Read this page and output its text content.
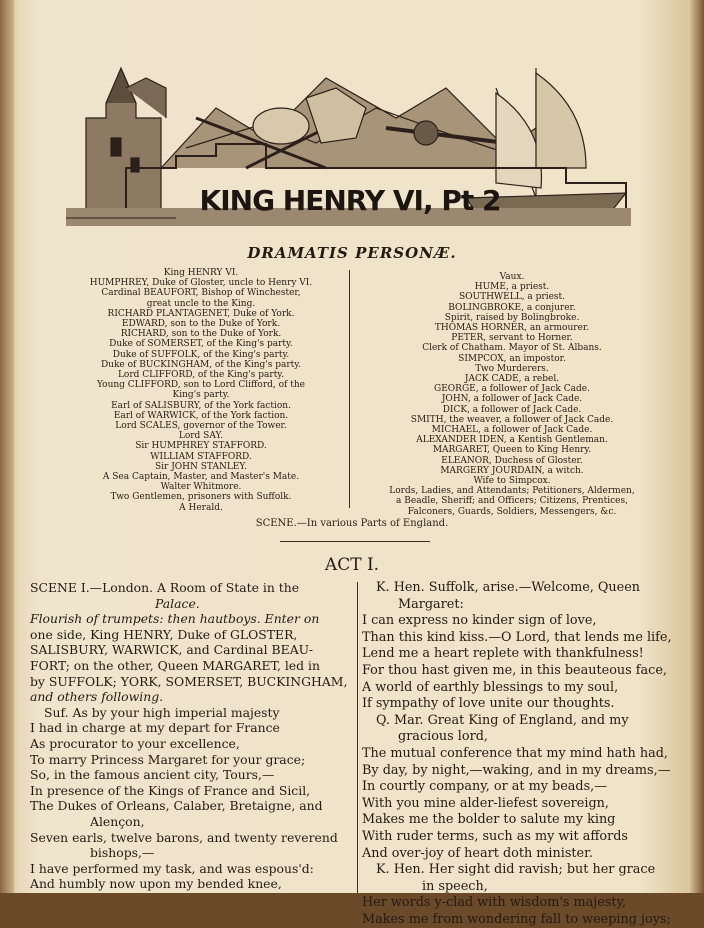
KING HENRY VI, Pt 2
DRAMATIS PERSONÆ.
King HENRY VI.
HUMPHREY, Duke of Gloster, uncle to Henry VI.
Cardinal BEAUFORT, Bishop of Winchester,
great uncle to the King.
RICHARD PLANTAGENET, Duke of York.
EDWARD, son to the Duke of York.
RICHARD, son to the Duke of York.
Duke of SOMERSET, of the King's party.
Duke of SUFFOLK, of the King's party.
Duke of BUCKINGHAM, of the King's party.
Lord CLIFFORD, of the King's party.
Young CLIFFORD, son to Lord Clifford, of the
King's party.
Earl of SALISBURY, of the York faction.
Earl of WARWICK, of the York faction.
Lord SCALES, governor of the Tower.
Lord SAY.
Sir HUMPHREY STAFFORD.
WILLIAM STAFFORD.
Sir JOHN STANLEY.
A Sea Captain, Master, and Master's Mate.
Walter Whitmore.
Two Gentlemen, prisoners with Suffolk.
A Herald.
Vaux.
HUME, a priest.
SOUTHWELL, a priest.
BOLINGBROKE, a conjurer.
Spirit, raised by Bolingbroke.
THOMAS HORNER, an armourer.
PETER, servant to Horner.
Clerk of Chatham. Mayor of St. Albans.
SIMPCOX, an impostor.
Two Murderers.
JACK CADE, a rebel.
GEORGE, a follower of Jack Cade.
JOHN, a follower of Jack Cade.
DICK, a follower of Jack Cade.
SMITH, the weaver, a follower of Jack Cade.
MICHAEL, a follower of Jack Cade.
ALEXANDER IDEN, a Kentish Gentleman.
MARGARET, Queen to King Henry.
ELEANOR, Duchess of Gloster.
MARGERY JOURDAIN, a witch.
Wife to Simpcox.
Lords, Ladies, and Attendants; Petitioners, Aldermen,
a Beadle, Sheriff; and Officers; Citizens, Prentices,
Falconers, Guards, Soldiers, Messengers, &c.
SCENE.—In various Parts of England.
ACT I.
SCENE I.—London. A Room of State in the
Palace.
Flourish of trumpets: then hautboys. Enter on
one side, King HENRY, Duke of GLOSTER,
SALISBURY, WARWICK, and Cardinal BEAU-
FORT; on the other, Queen MARGARET, led in
by SUFFOLK; YORK, SOMERSET, BUCKINGHAM,
and others following.
Suf. As by your high imperial majesty
I had in charge at my depart for France
As procurator to your excellence,
To marry Princess Margaret for your grace;
So, in the famous ancient city, Tours,—
In presence of the Kings of France and Sicil,
The Dukes of Orleans, Calaber, Bretaigne, and
Alençon,
Seven earls, twelve barons, and twenty reverend
bishops,—
I have performed my task, and was espous'd:
And humbly now upon my bended knee,
K. Hen. Suffolk, arise.—Welcome, Queen
Margaret:
I can express no kinder sign of love,
Than this kind kiss.—O Lord, that lends me life,
Lend me a heart replete with thankfulness!
For thou hast given me, in this beauteous face,
A world of earthly blessings to my soul,
If sympathy of love unite our thoughts.
Q. Mar. Great King of England, and my
gracious lord,
The mutual conference that my mind hath had,
By day, by night,—waking, and in my dreams,—
In courtly company, or at my beads,—
With you mine alder-liefest sovereign,
Makes me the bolder to salute my king
With ruder terms, such as my wit affords
And over-joy of heart doth minister.
K. Hen. Her sight did ravish; but her grace
in speech,
Her words y-clad with wisdom's majesty,
Makes me from wondering fall to weeping joys;
